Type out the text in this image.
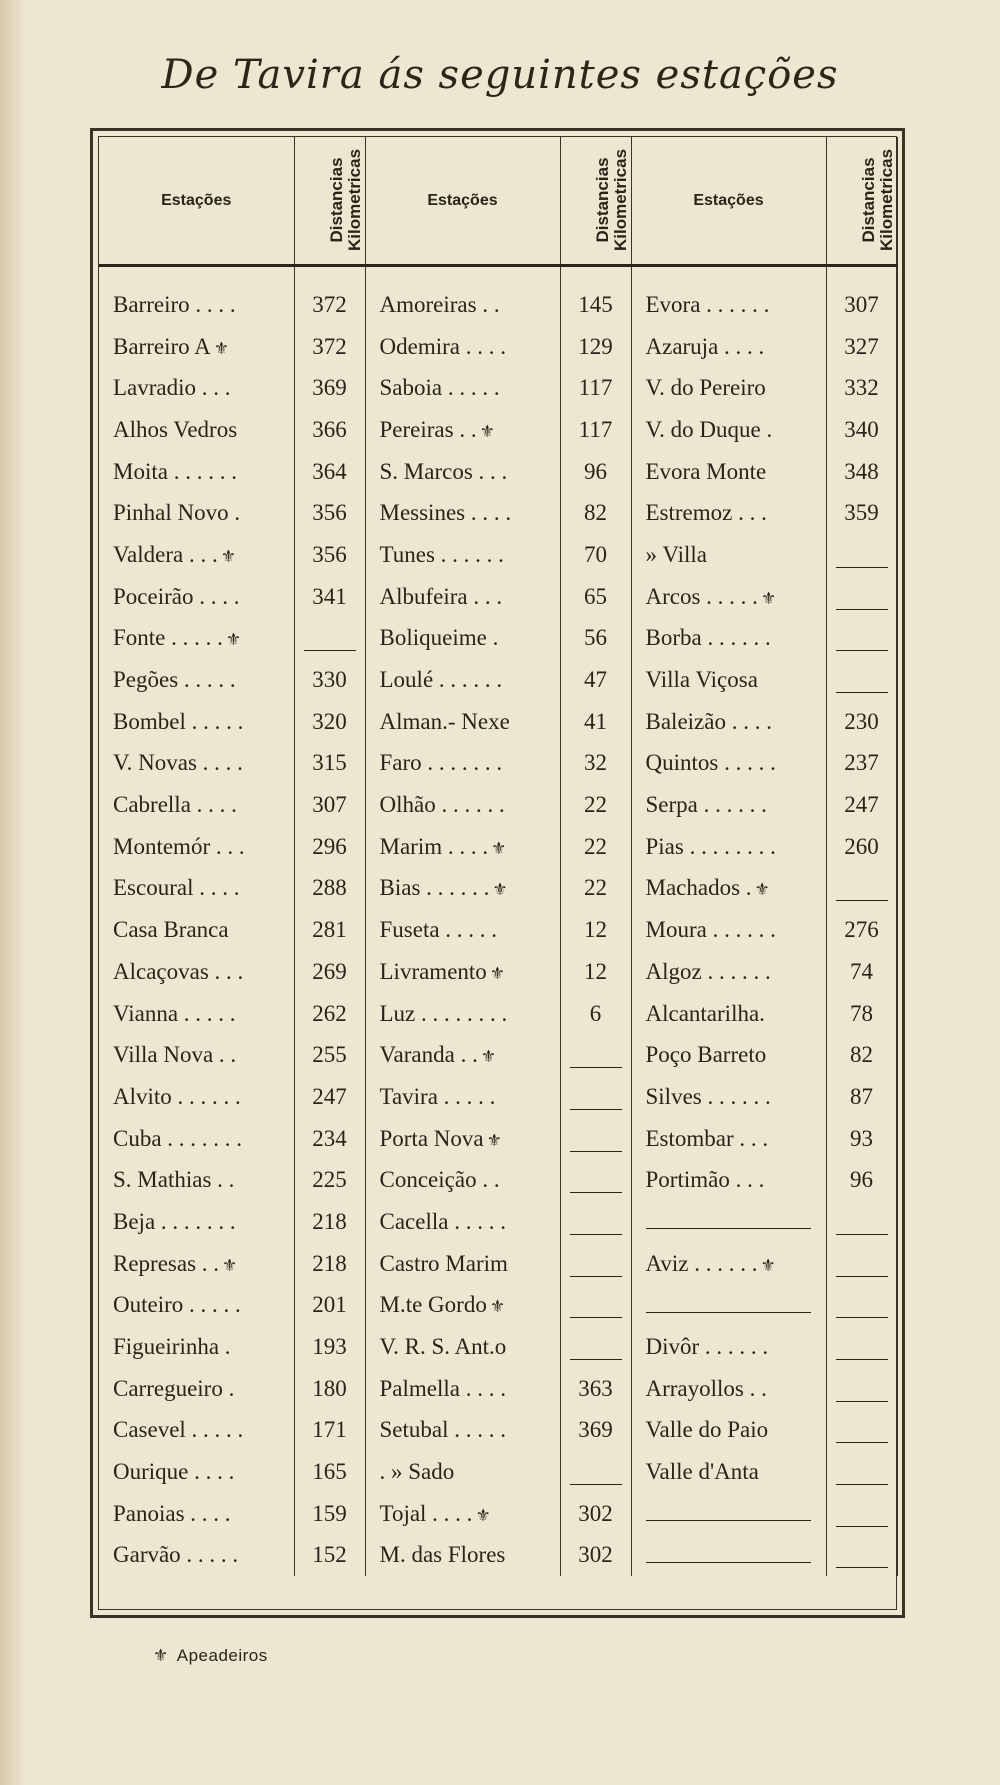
De Tavira ás seguintes estações
Estações	Distancias
Kilometricas	Estações	Distancias
Kilometricas	Estações	Distancias
Kilometricas

Barreiro . . . .	372	Amoreiras . .	145	Evora . . . . . .	307
Barreiro A ⚜	372	Odemira . . . .	129	Azaruja . . . .	327
Lavradio . . .	369	Saboia . . . . .	117	V. do Pereiro	332
Alhos Vedros	366	Pereiras . . ⚜	117	V. do Duque .	340
Moita . . . . . .	364	S. Marcos . . .	96	Evora Monte	348
Pinhal Novo .	356	Messines . . . .	82	Estremoz . . .	359
Valdera . . . ⚜	356	Tunes . . . . . .	70	» Villa	
Poceirão . . . .	341	Albufeira . . .	65	Arcos . . . . . ⚜	
Fonte . . . . . ⚜		Boliqueime .	56	Borba . . . . . .	
Pegões . . . . .	330	Loulé . . . . . .	47	Villa Viçosa	
Bombel . . . . .	320	Alman.- Nexe	41	Baleizão . . . .	230
V. Novas . . . .	315	Faro . . . . . . .	32	Quintos . . . . .	237
Cabrella . . . .	307	Olhão . . . . . .	22	Serpa . . . . . .	247
Montemór . . .	296	Marim . . . . ⚜	22	Pias . . . . . . . .	260
Escoural . . . .	288	Bias . . . . . . ⚜	22	Machados . ⚜	
Casa Branca	281	Fuseta . . . . .	12	Moura . . . . . .	276
Alcaçovas . . .	269	Livramento ⚜	12	Algoz . . . . . .	74
Vianna . . . . .	262	Luz . . . . . . . .	6	Alcantarilha.	78
Villa Nova . .	255	Varanda . . ⚜		Poço Barreto	82
Alvito . . . . . .	247	Tavira . . . . .		Silves . . . . . .	87
Cuba . . . . . . .	234	Porta Nova ⚜		Estombar . . .	93
S. Mathias . .	225	Conceição . .		Portimão . . .	96
Beja . . . . . . .	218	Cacella . . . . .			
Represas . . ⚜	218	Castro Marim		Aviz . . . . . . ⚜	
Outeiro . . . . .	201	M.te Gordo ⚜			
Figueirinha .	193	V. R. S. Ant.o		Divôr . . . . . .	
Carregueiro .	180	Palmella . . . .	363	Arrayollos . .	
Casevel . . . . .	171	Setubal . . . . .	369	Valle do Paio	
Ourique . . . .	165	. » Sado		Valle d'Anta	
Panoias . . . .	159	Tojal . . . . ⚜	302		
Garvão . . . . .	152	M. das Flores	302		
⚜ Apeadeiros
